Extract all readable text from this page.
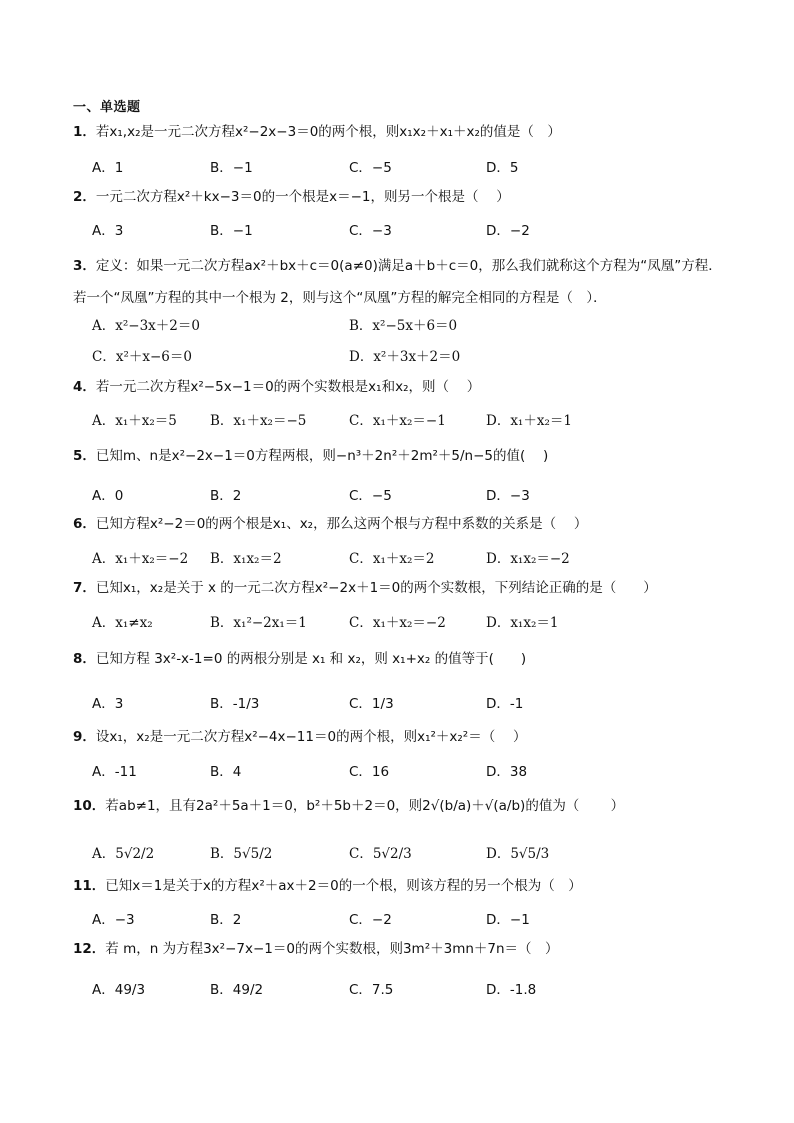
一、单选题
1．若x₁,x₂是一元二次方程x²−2x−3＝0的两个根，则x₁x₂＋x₁＋x₂的值是（　）
A．1	B．−1	C．−5	D．5
2．一元二次方程x²＋kx−3＝0的一个根是x＝−1，则另一个根是（　 ）
A．3	B．−1	C．−3	D．−2
3．定义：如果一元二次方程ax²＋bx＋c＝0(a≠0)满足a＋b＋c＝0，那么我们就称这个方程为“凤凰”方程．若一个“凤凰”方程的其中一个根为 2，则与这个“凤凰”方程的解完全相同的方程是（　）．
A．x²−3x＋2＝0	B．x²−5x＋6＝0
C．x²＋x−6＝0	D．x²＋3x＋2＝0
4．若一元二次方程x²−5x−1＝0的两个实数根是x₁和x₂，则（　 ）
A．x₁＋x₂＝5 B．x₁＋x₂＝−5	C．x₁＋x₂＝−1	D．x₁＋x₂＝1
5．已知m、n是x²−2x−1＝0方程两根，则−n³＋2n²＋2m²＋5/n−5的值(　 )
A．0	B．2	C．−5	D．−3
6．已知方程x²−2＝0的两个根是x₁、x₂，那么这两个根与方程中系数的关系是（　 ）
A．x₁＋x₂＝−2 B．x₁x₂＝2	C．x₁＋x₂＝2	D．x₁x₂＝−2
7．已知x₁，x₂是关于 x 的一元二次方程x²−2x＋1＝0的两个实数根，下列结论正确的是（　　）
A．x₁≠x₂	B．x₁²−2x₁＝1	C．x₁＋x₂＝−2	D．x₁x₂＝1
8．已知方程 3x²-x-1=0 的两根分别是 x₁ 和 x₂，则 x₁+x₂ 的值等于(　　)
A．3	B．-1/3	C．1/3	D．-1
9．设x₁，x₂是一元二次方程x²−4x−11＝0的两个根，则x₁²＋x₂²＝（　 ）
A．-11	B．4	C．16	D．38
10．若ab≠1，且有2a²＋5a＋1＝0，b²＋5b＋2＝0，则2√(b/a)＋√(a/b)的值为（　　 ）
A．5√2/2	B．5√5/2	C．5√2/3	D．5√5/3
11．已知x＝1是关于x的方程x²＋ax＋2＝0的一个根，则该方程的另一个根为（　）
A．−3	B．2	C．−2	D．−1
12．若 m，n 为方程3x²−7x−1＝0的两个实数根，则3m²＋3mn＋7n＝（　）
A．49/3	B．49/2	C．7.5	D．-1.8
